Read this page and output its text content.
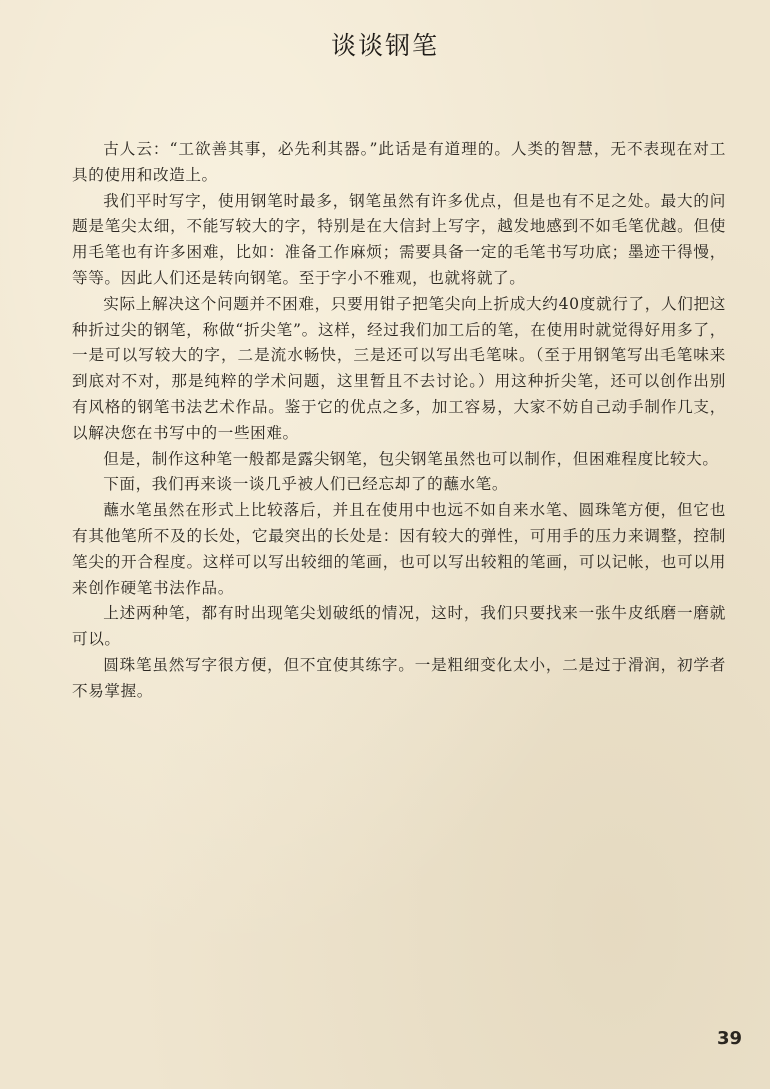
谈谈钢笔

古人云：“工欲善其事，必先利其器。”此话是有道理的。人类的智慧，无不表现在对工具的使用和改造上。

我们平时写字，使用钢笔时最多，钢笔虽然有许多优点，但是也有不足之处。最大的问题是笔尖太细，不能写较大的字，特别是在大信封上写字，越发地感到不如毛笔优越。但使用毛笔也有许多困难，比如：准备工作麻烦；需要具备一定的毛笔书写功底；墨迹干得慢，等等。因此人们还是转向钢笔。至于字小不雅观，也就将就了。

实际上解决这个问题并不困难，只要用钳子把笔尖向上折成大约40度就行了，人们把这种折过尖的钢笔，称做“折尖笔”。这样，经过我们加工后的笔，在使用时就觉得好用多了，一是可以写较大的字，二是流水畅快，三是还可以写出毛笔味。（至于用钢笔写出毛笔味来到底对不对，那是纯粹的学术问题，这里暂且不去讨论。）用这种折尖笔，还可以创作出别有风格的钢笔书法艺术作品。鉴于它的优点之多，加工容易，大家不妨自己动手制作几支，以解决您在书写中的一些困难。

但是，制作这种笔一般都是露尖钢笔，包尖钢笔虽然也可以制作，但困难程度比较大。

下面，我们再来谈一谈几乎被人们已经忘却了的蘸水笔。

蘸水笔虽然在形式上比较落后，并且在使用中也远不如自来水笔、圆珠笔方便，但它也有其他笔所不及的长处，它最突出的长处是：因有较大的弹性，可用手的压力来调整，控制笔尖的开合程度。这样可以写出较细的笔画，也可以写出较粗的笔画，可以记帐，也可以用来创作硬笔书法作品。

上述两种笔，都有时出现笔尖划破纸的情况，这时，我们只要找来一张牛皮纸磨一磨就可以。

圆珠笔虽然写字很方便，但不宜使其练字。一是粗细变化太小，二是过于滑润，初学者不易掌握。

39
